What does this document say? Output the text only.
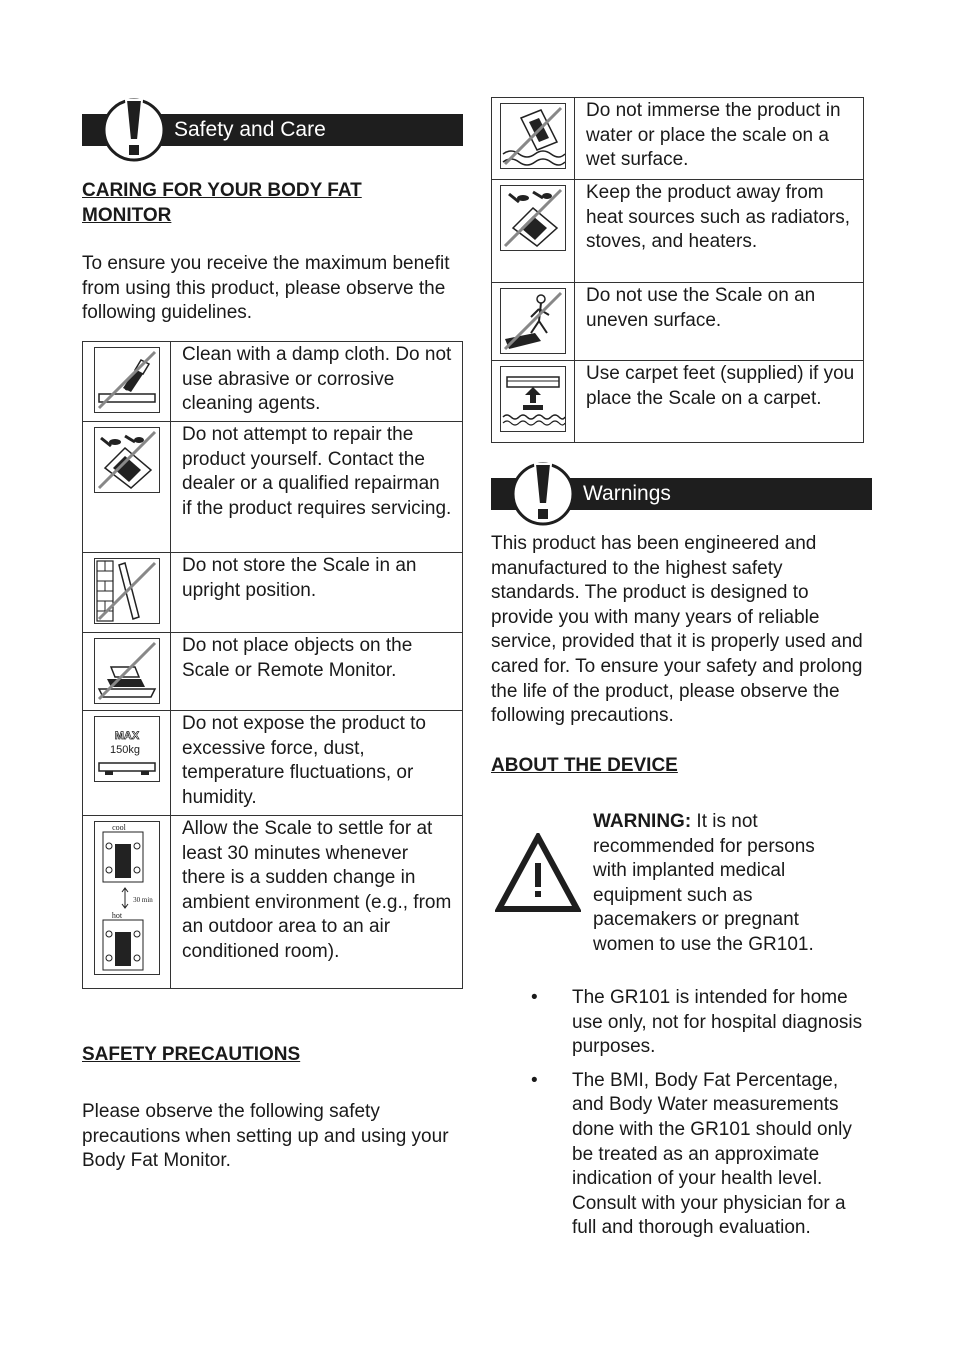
Safety and Care
CARING FOR YOUR BODY FAT MONITOR
To ensure you receive the maximum benefit from using this product, please observe the following guidelines.
	Clean with a damp cloth. Do not use abrasive or corrosive cleaning agents.
	Do not attempt to repair the product yourself. Contact the dealer or a qualified repairman if the product requires servicing.
	Do not store the Scale in an upright position.
	Do not place objects on the Scale or Remote Monitor.

MAX
150kg	Do not expose the product to excessive force, dust, temperature fluctuations, or humidity.

cool
30 min
hot	Allow the Scale to settle for at least 30 minutes whenever there is a sudden change in ambient environment (e.g., from an outdoor area to an air conditioned room).
SAFETY PRECAUTIONS
Please observe the following safety precautions when setting up and using your Body Fat Monitor.
	Do not immerse the product in water or place the scale on a wet surface.
	Keep the product away from heat sources such as radiators, stoves, and heaters.
	Do not use the Scale on an uneven surface.
	Use carpet feet (supplied) if you place the Scale on a carpet.
Warnings
This product has been engineered and manufactured to the highest safety standards. The product is designed to provide you with many years of reliable service, provided that it is properly used and cared for. To ensure your safety and prolong the life of the product, please observe the following precautions.
ABOUT THE DEVICE
WARNING: It is not recommended for persons with implanted medical equipment such as pacemakers or pregnant women to use the GR101.
• The GR101 is intended for home use only, not for hospital diagnosis purposes.
• The BMI, Body Fat Percentage, and Body Water measurements done with the GR101 should only be treated as an approximate indication of your health level. Consult with your physician for a full and thorough evaluation.
